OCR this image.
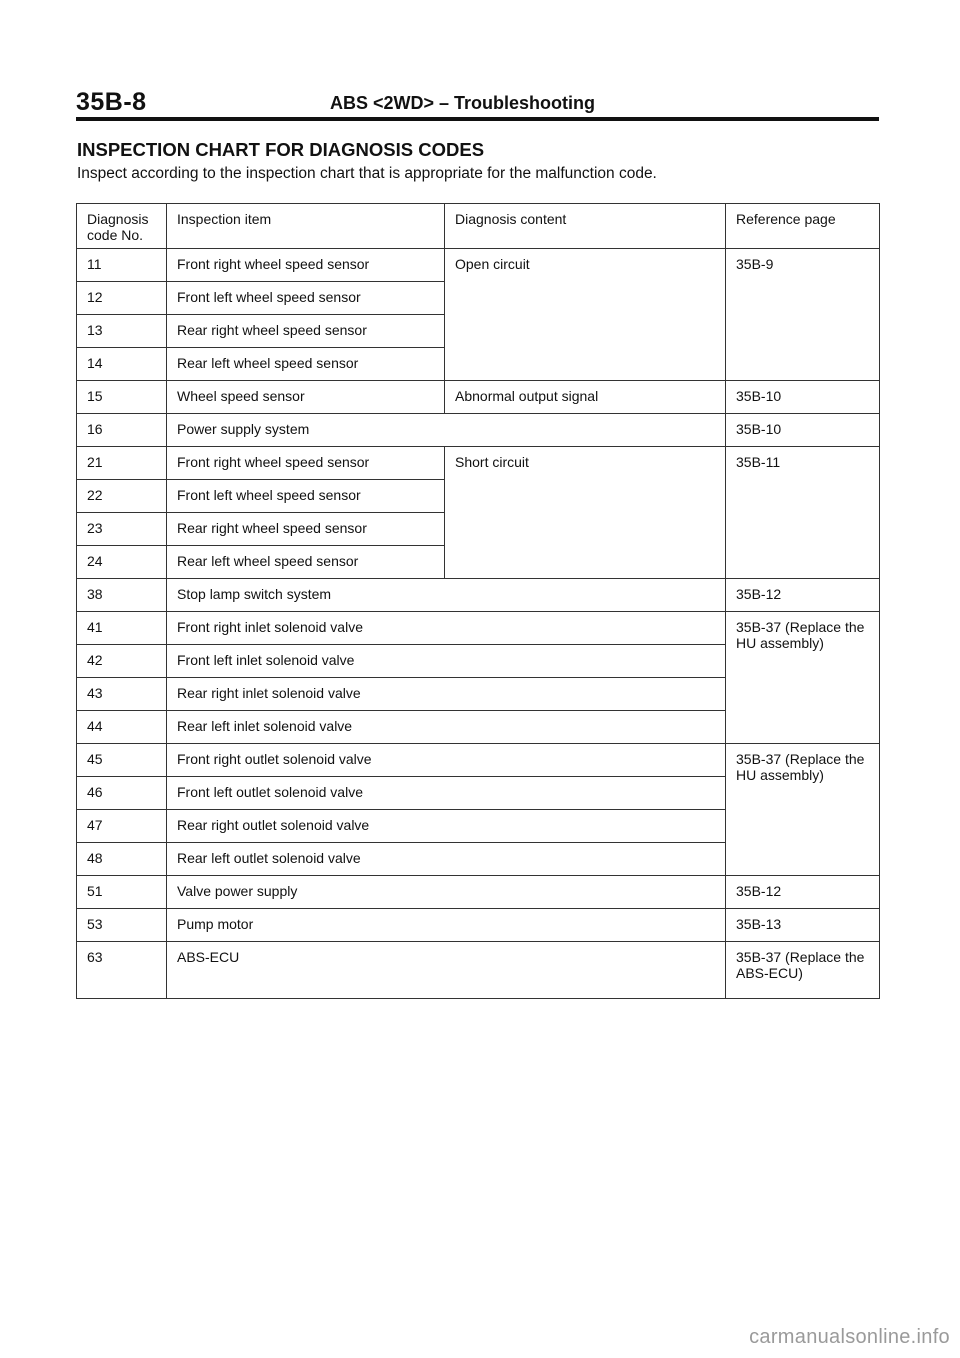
35B-8	ABS <2WD> – Troubleshooting
INSPECTION CHART FOR DIAGNOSIS CODES
Inspect according to the inspection chart that is appropriate for the malfunction code.
Diagnosis code No.	Inspection item	Diagnosis content	Reference page
11	Front right wheel speed sensor	Open circuit	35B-9
12	Front left wheel speed sensor		
13	Rear right wheel speed sensor		
14	Rear left wheel speed sensor		
15	Wheel speed sensor	Abnormal output signal	35B-10
16	Power supply system		35B-10
21	Front right wheel speed sensor	Short circuit	35B-11
22	Front left wheel speed sensor		
23	Rear right wheel speed sensor		
24	Rear left wheel speed sensor		
38	Stop lamp switch system		35B-12
41	Front right inlet solenoid valve		35B-37 (Replace the HU assembly)
42	Front left inlet solenoid valve		
43	Rear right inlet solenoid valve		
44	Rear left inlet solenoid valve		
45	Front right outlet solenoid valve		35B-37 (Replace the HU assembly)
46	Front left outlet solenoid valve		
47	Rear right outlet solenoid valve		
48	Rear left outlet solenoid valve		
51	Valve power supply		35B-12
53	Pump motor		35B-13
63	ABS-ECU		35B-37 (Replace the ABS-ECU)
carmanualsonline.info
